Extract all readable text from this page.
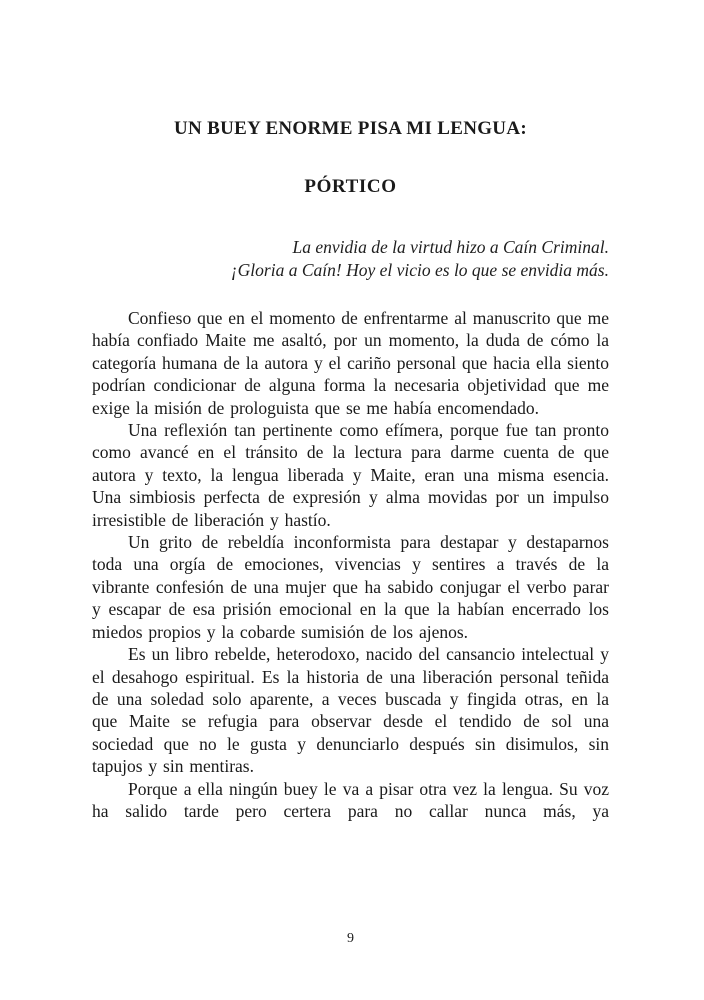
UN BUEY ENORME PISA MI LENGUA:
PÓRTICO
La envidia de la virtud hizo a Caín Criminal.
¡Gloria a Caín! Hoy el vicio es lo que se envidia más.

Confieso que en el momento de enfrentarme al manuscrito que me había confiado Maite me asaltó, por un momento, la duda de cómo la categoría humana de la autora y el cariño personal que hacia ella siento podrían condicionar de alguna forma la necesaria objetividad que me exige la misión de prologuista que se me había encomendado.

Una reflexión tan pertinente como efímera, porque fue tan pronto como avancé en el tránsito de la lectura para darme cuenta de que autora y texto, la lengua liberada y Maite, eran una misma esencia. Una simbiosis perfecta de expresión y alma movidas por un impulso irresistible de liberación y hastío.

Un grito de rebeldía inconformista para destapar y destaparnos toda una orgía de emociones, vivencias y sentires a través de la vibrante confesión de una mujer que ha sabido conjugar el verbo parar y escapar de esa prisión emocional en la que la habían encerrado los miedos propios y la cobarde sumisión de los ajenos.

Es un libro rebelde, heterodoxo, nacido del cansancio intelectual y el desahogo espiritual. Es la historia de una liberación personal teñida de una soledad solo aparente, a veces buscada y fingida otras, en la que Maite se refugia para observar desde el tendido de sol una sociedad que no le gusta y denunciarlo después sin disimulos, sin tapujos y sin mentiras.

Porque a ella ningún buey le va a pisar otra vez la lengua. Su voz ha salido tarde pero certera para no callar nunca más, ya

9
